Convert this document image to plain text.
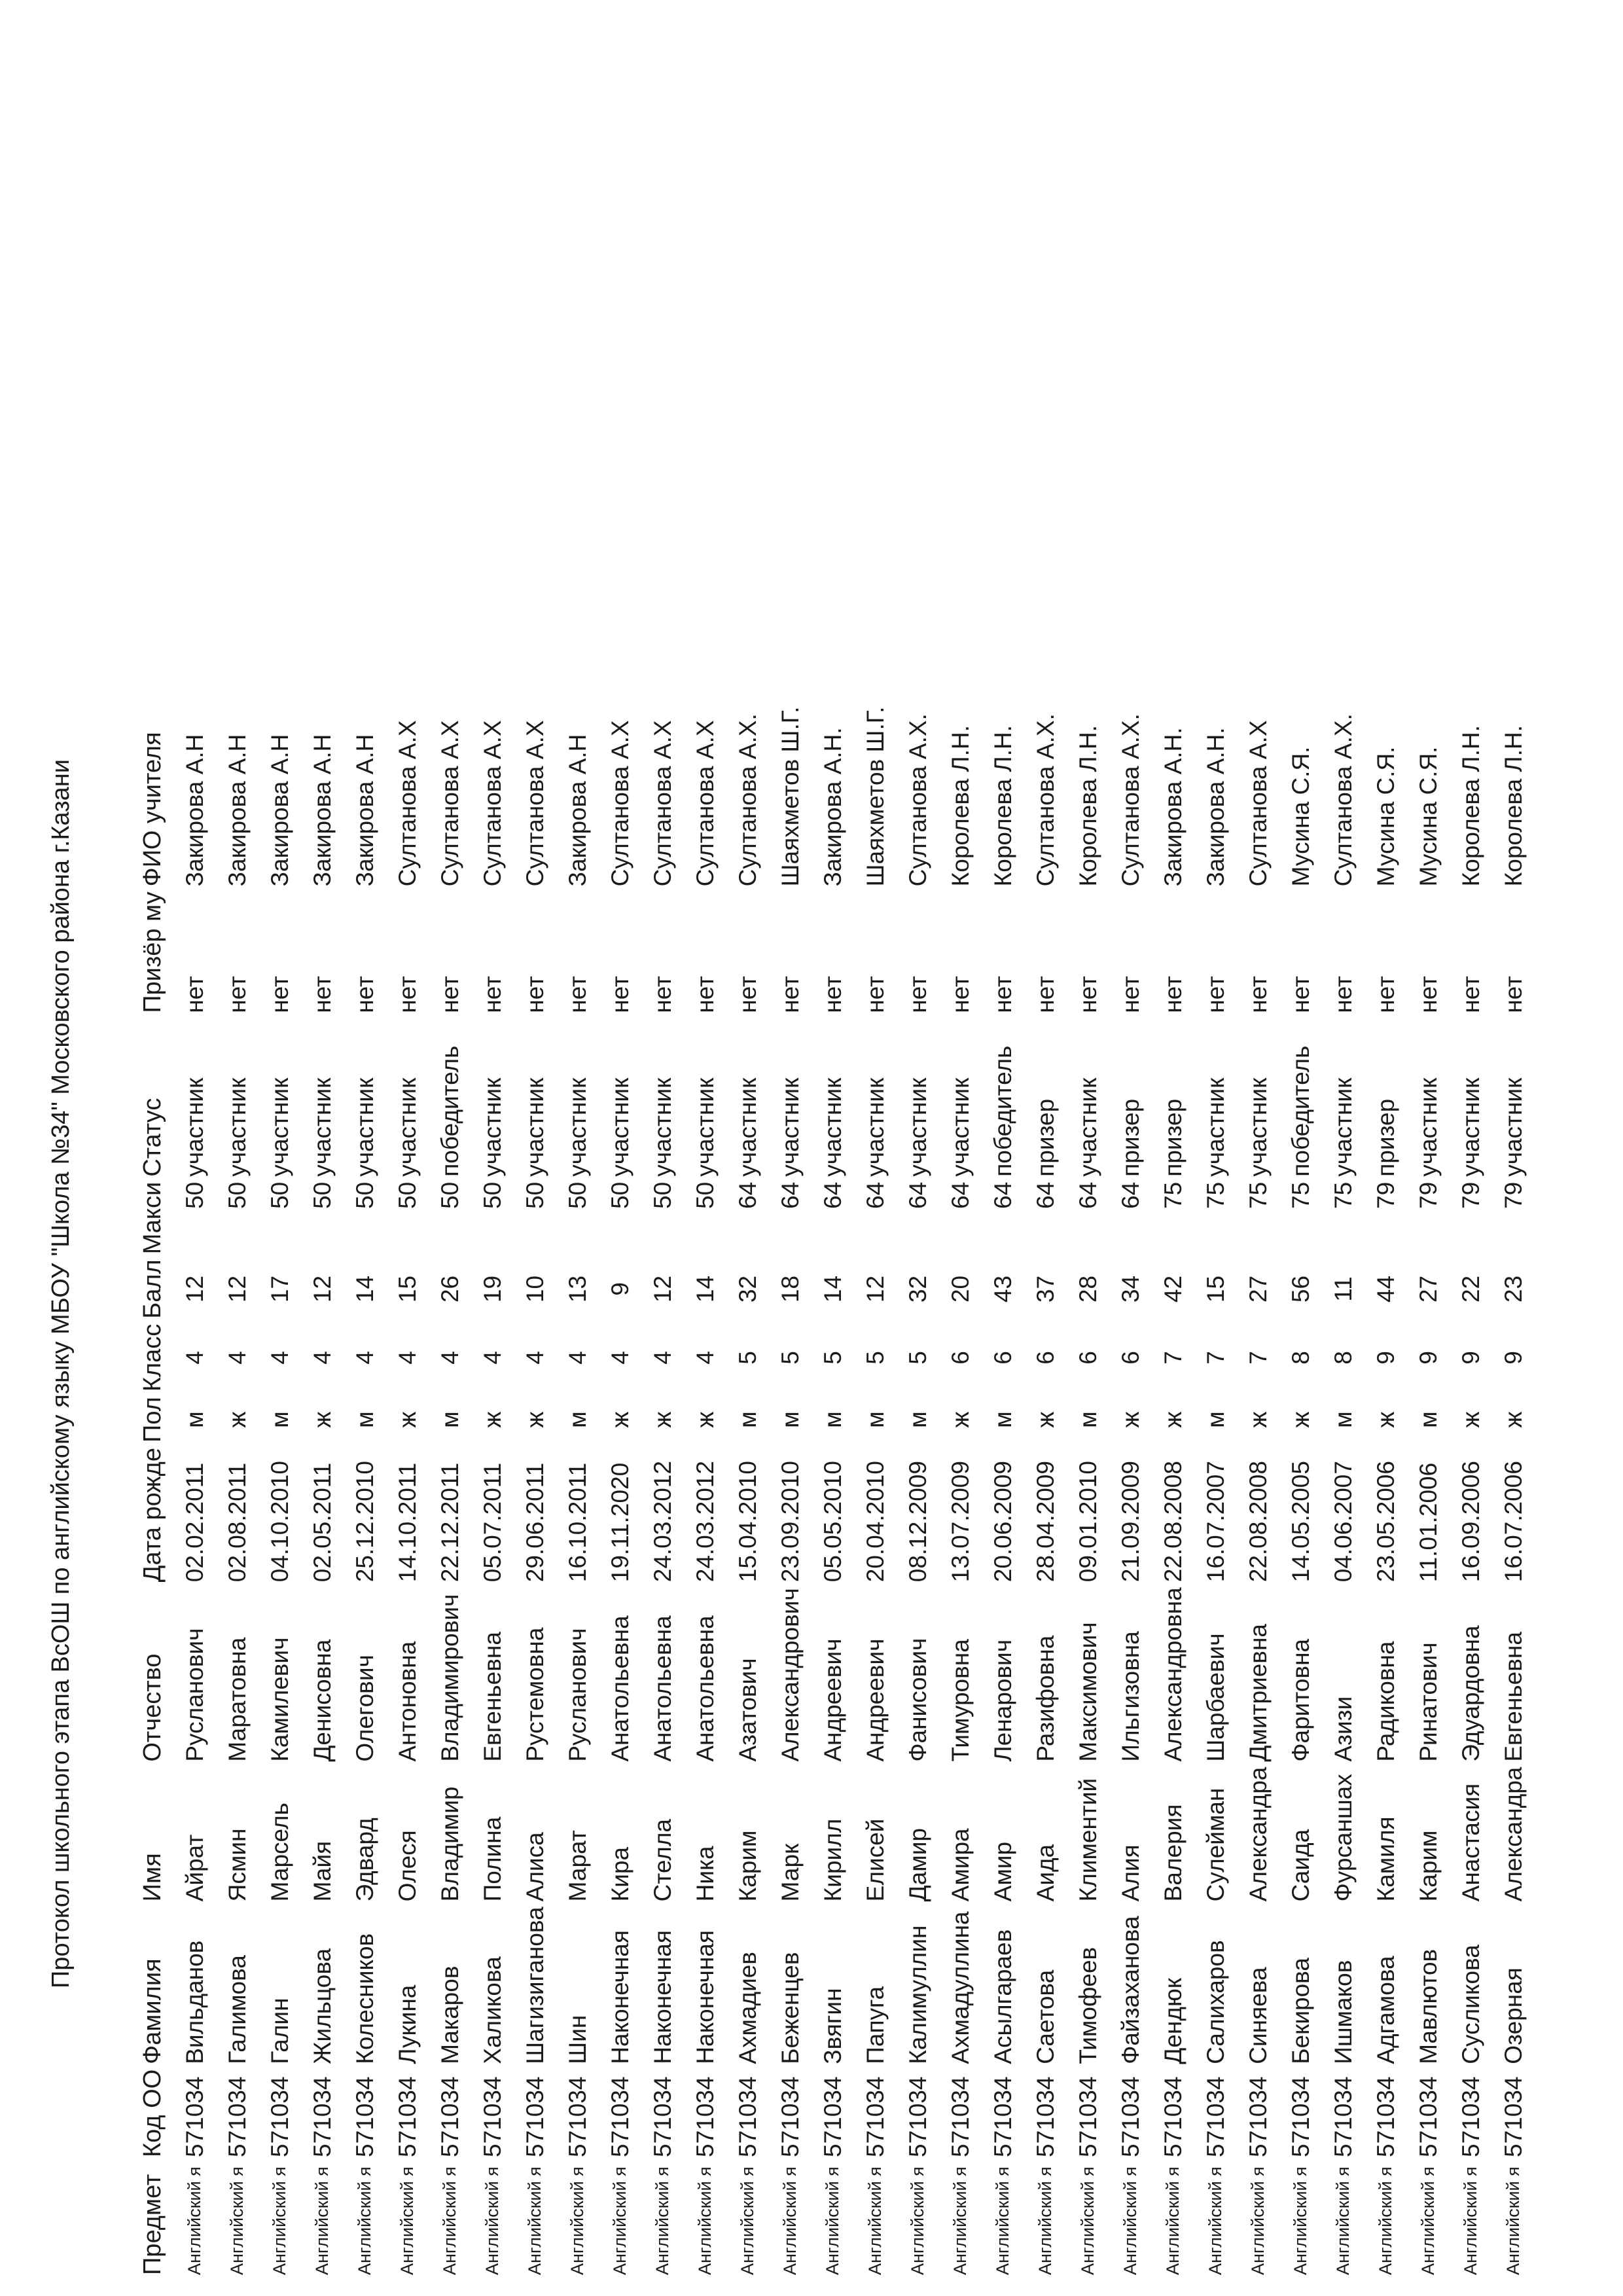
Протокол школьного этапа ВсОШ по английскому языку МБОУ "Школа №34" Московского района г.Казани
Предмет	Код ОО	Фамилия	Имя	Отчество	Дата рожде	Пол	Класс	Балл	Макси	Статус	Призёр му	ФИО учителя
Английский я	571034	Вильданов	Айрат	Русланович	02.02.2011	м	4	12	50	участник	нет	Закирова А.Н
Английский я	571034	Галимова	Ясмин	Маратовна	02.08.2011	ж	4	12	50	участник	нет	Закирова А.Н
Английский я	571034	Галин	Марсель	Камилевич	04.10.2010	м	4	17	50	участник	нет	Закирова А.Н
Английский я	571034	Жильцова	Майя	Денисовна	02.05.2011	ж	4	12	50	участник	нет	Закирова А.Н
Английский я	571034	Колесников	Эдвард	Олегович	25.12.2010	м	4	14	50	участник	нет	Закирова А.Н
Английский я	571034	Лукина	Олеся	Антоновна	14.10.2011	ж	4	15	50	участник	нет	Султанова А.Х
Английский я	571034	Макаров	Владимир	Владимирович	22.12.2011	м	4	26	50	победитель	нет	Султанова А.Х
Английский я	571034	Халикова	Полина	Евгеньевна	05.07.2011	ж	4	19	50	участник	нет	Султанова А.Х
Английский я	571034	Шагизиганова	Алиса	Рустемовна	29.06.2011	ж	4	10	50	участник	нет	Султанова А.Х
Английский я	571034	Шин	Марат	Русланович	16.10.2011	м	4	13	50	участник	нет	Закирова А.Н
Английский я	571034	Наконечная	Кира	Анатольевна	19.11.2020	ж	4	9	50	участник	нет	Султанова А.Х
Английский я	571034	Наконечная	Стелла	Анатольевна	24.03.2012	ж	4	12	50	участник	нет	Султанова А.Х
Английский я	571034	Наконечная	Ника	Анатольевна	24.03.2012	ж	4	14	50	участник	нет	Султанова А.Х
Английский я	571034	Ахмадиев	Карим	Азатович	15.04.2010	м	5	32	64	участник	нет	Султанова А.Х.
Английский я	571034	Беженцев	Марк	Александрович	23.09.2010	м	5	18	64	участник	нет	Шаяхметов Ш.Г.
Английский я	571034	Звягин	Кирилл	Андреевич	05.05.2010	м	5	14	64	участник	нет	Закирова А.Н.
Английский я	571034	Папуга	Елисей	Андреевич	20.04.2010	м	5	12	64	участник	нет	Шаяхметов Ш.Г.
Английский я	571034	Калимуллин	Дамир	Фанисович	08.12.2009	м	5	32	64	участник	нет	Султанова А.Х.
Английский я	571034	Ахмадуллина	Амира	Тимуровна	13.07.2009	ж	6	20	64	участник	нет	Королева Л.Н.
Английский я	571034	Асылгараев	Амир	Ленарович	20.06.2009	м	6	43	64	победитель	нет	Королева Л.Н.
Английский я	571034	Саетова	Аида	Разифовна	28.04.2009	ж	6	37	64	призер	нет	Султанова А.Х.
Английский я	571034	Тимофеев	Климентий	Максимович	09.01.2010	м	6	28	64	участник	нет	Королева Л.Н.
Английский я	571034	Файзаханова	Алия	Ильгизовна	21.09.2009	ж	6	34	64	призер	нет	Султанова А.Х.
Английский я	571034	Дендюк	Валерия	Александровна	22.08.2008	ж	7	42	75	призер	нет	Закирова А.Н.
Английский я	571034	Салихаров	Сулейман	Шарбаевич	16.07.2007	м	7	15	75	участник	нет	Закирова А.Н.
Английский я	571034	Синяева	Александра	Дмитриевна	22.08.2008	ж	7	27	75	участник	нет	Султанова А.Х
Английский я	571034	Бекирова	Саида	Фаритовна	14.05.2005	ж	8	56	75	победитель	нет	Мусина С.Я.
Английский я	571034	Ишмаков	Фурсаншах	Азизи	04.06.2007	м	8	11	75	участник	нет	Султанова А.Х.
Английский я	571034	Адгамова	Камиля	Радиковна	23.05.2006	ж	9	44	79	призер	нет	Мусина С.Я.
Английский я	571034	Мавлютов	Карим	Ринатович	11.01.2006	м	9	27	79	участник	нет	Мусина С.Я.
Английский я	571034	Сусликова	Анастасия	Эдуардовна	16.09.2006	ж	9	22	79	участник	нет	Королева Л.Н.
Английский я	571034	Озерная	Александра	Евгеньевна	16.07.2006	ж	9	23	79	участник	нет	Королева Л.Н.
